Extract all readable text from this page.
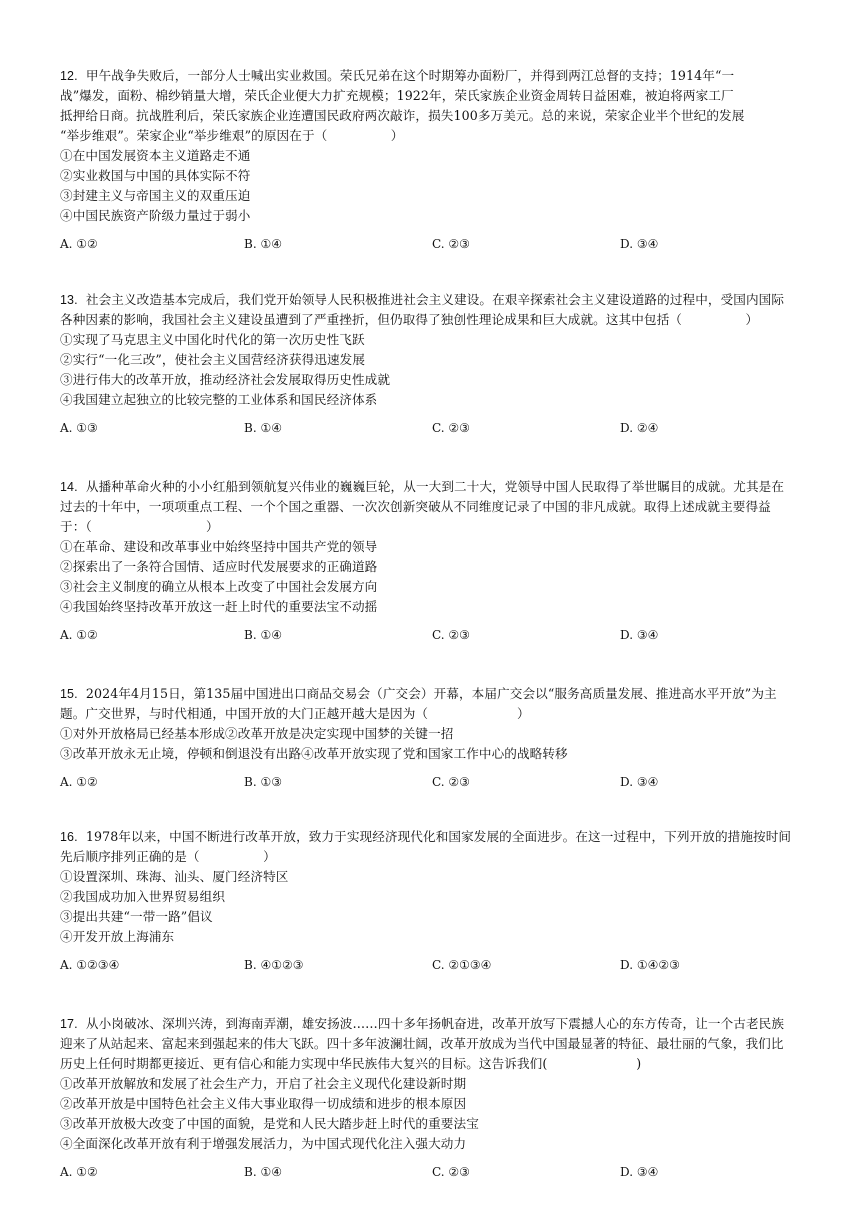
12. 甲午战争失败后，一部分人士喊出实业救国。荣氏兄弟在这个时期筹办面粉厂，并得到两江总督的支持；1914年“一
战”爆发，面粉、棉纱销量大增，荣氏企业便大力扩充规模；1922年，荣氏家族企业资金周转日益困难，被迫将两家工厂
抵押给日商。抗战胜利后，荣氏家族企业连遭国民政府两次敲诈，损失100多万美元。总的来说，荣家企业半个世纪的发展
“举步维艰”。荣家企业“举步维艰”的原因在于（　　　　　）
①在中国发展资本主义道路走不通
②实业救国与中国的具体实际不符
③封建主义与帝国主义的双重压迫
④中国民族资产阶级力量过于弱小
A. ①②	B. ①④	C. ②③	D. ③④
13. 社会主义改造基本完成后，我们党开始领导人民积极推进社会主义建设。在艰辛探索社会主义建设道路的过程中，受国内国际
各种因素的影响，我国社会主义建设虽遭到了严重挫折，但仍取得了独创性理论成果和巨大成就。这其中包括（　　　　　）
①实现了马克思主义中国化时代化的第一次历史性飞跃
②实行“一化三改”，使社会主义国营经济获得迅速发展
③进行伟大的改革开放，推动经济社会发展取得历史性成就
④我国建立起独立的比较完整的工业体系和国民经济体系
A. ①③	B. ①④	C. ②③	D. ②④
14. 从播种革命火种的小小红船到领航复兴伟业的巍巍巨轮，从一大到二十大，党领导中国人民取得了举世瞩目的成就。尤其是在
过去的十年中，一项项重点工程、一个个国之重器、一次次创新突破从不同维度记录了中国的非凡成就。取得上述成就主要得益
于：（　　　　　　　　　）
①在革命、建设和改革事业中始终坚持中国共产党的领导
②探索出了一条符合国情、适应时代发展要求的正确道路
③社会主义制度的确立从根本上改变了中国社会发展方向
④我国始终坚持改革开放这一赶上时代的重要法宝不动摇
A. ①②	B. ①④	C. ②③	D. ③④
15. 2024年4月15日，第135届中国进出口商品交易会（广交会）开幕，本届广交会以“服务高质量发展、推进高水平开放”为主
题。广交世界，与时代相通，中国开放的大门正越开越大是因为（　　　　　　　）
①对外开放格局已经基本形成②改革开放是决定实现中国梦的关键一招
③改革开放永无止境，停顿和倒退没有出路④改革开放实现了党和国家工作中心的战略转移
A. ①②	B. ①③	C. ②③	D. ③④
16. 1978年以来，中国不断进行改革开放，致力于实现经济现代化和国家发展的全面进步。在这一过程中，下列开放的措施按时间
先后顺序排列正确的是（　　　　　）
①设置深圳、珠海、汕头、厦门经济特区
②我国成功加入世界贸易组织
③提出共建“一带一路”倡议
④开发开放上海浦东
A. ①②③④	B. ④①②③	C. ②①③④	D. ①④②③
17. 从小岗破冰、深圳兴涛，到海南弄潮，雄安扬波……四十多年扬帆奋进，改革开放写下震撼人心的东方传奇，让一个古老民族
迎来了从站起来、富起来到强起来的伟大飞跃。四十多年波澜壮阔，改革开放成为当代中国最显著的特征、最壮丽的气象，我们比
历史上任何时期都更接近、更有信心和能力实现中华民族伟大复兴的目标。这告诉我们(　　　　　　　)
①改革开放解放和发展了社会生产力，开启了社会主义现代化建设新时期
②改革开放是中国特色社会主义伟大事业取得一切成绩和进步的根本原因
③改革开放极大改变了中国的面貌，是党和人民大踏步赶上时代的重要法宝
④全面深化改革开放有利于增强发展活力，为中国式现代化注入强大动力
A. ①②	B. ①④	C. ②③	D. ③④
